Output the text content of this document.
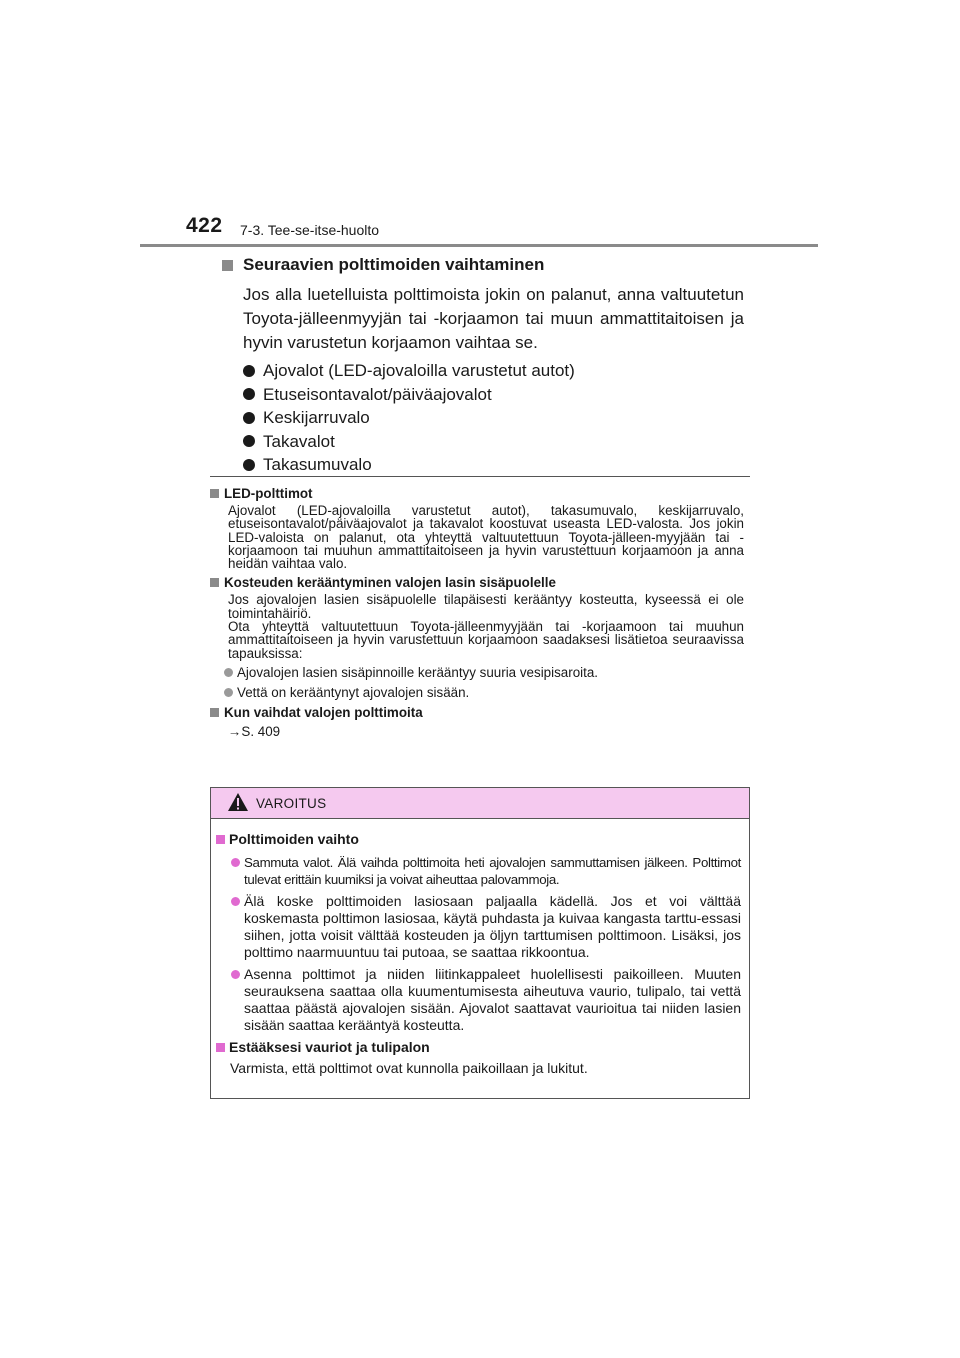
422 7-3. Tee-se-itse-huolto
Seuraavien polttimoiden vaihtaminen

Jos alla luetelluista polttimoista jokin on palanut, anna valtuutetun Toyota-jälleenmyyjän tai -korjaamon tai muun ammattitaitoisen ja hyvin varustetun korjaamon vaihtaa se.

Ajovalot (LED-ajovaloilla varustetut autot)
Etuseisontavalot/päiväajovalot
Keskijarruvalo
Takavalot
Takasumuvalo
LED-polttimot
Ajovalot (LED-ajovaloilla varustetut autot), takasumuvalo, keskijarruvalo, etuseisontavalot/päiväajovalot ja takavalot koostuvat useasta LED-valosta. Jos jokin LED-valoista on palanut, ota yhteyttä valtuutettuun Toyota-jälleen-myyjään tai -korjaamoon tai muuhun ammattitaitoiseen ja hyvin varustettuun korjaamoon ja anna heidän vaihtaa valo.
Kosteuden kerääntyminen valojen lasin sisäpuolelle
Jos ajovalojen lasien sisäpuolelle tilapäisesti kerääntyy kosteutta, kyseessä ei ole toimintahäiriö.
Ota yhteyttä valtuutettuun Toyota-jälleenmyyjään tai -korjaamoon tai muuhun ammattitaitoiseen ja hyvin varustettuun korjaamoon saadaksesi lisätietoa seuraavissa tapauksissa:
Ajovalojen lasien sisäpinnoille kerääntyy suuria vesipisaroita.
Vettä on kerääntynyt ajovalojen sisään.
Kun vaihdat valojen polttimoita
→S. 409
VAROITUS
Polttimoiden vaihto
Sammuta valot. Älä vaihda polttimoita heti ajovalojen sammuttamisen jälkeen. Polttimot tulevat erittäin kuumiksi ja voivat aiheuttaa palovammoja.
Älä koske polttimoiden lasiosaan paljaalla kädellä. Jos et voi välttää koskemasta polttimon lasiosaa, käytä puhdasta ja kuivaa kangasta tarttu-essasi siihen, jotta voisit välttää kosteuden ja öljyn tarttumisen polttimoon. Lisäksi, jos polttimo naarmuuntuu tai putoaa, se saattaa rikkoontua.
Asenna polttimot ja niiden liitinkappaleet huolellisesti paikoilleen. Muuten seurauksena saattaa olla kuumentumisesta aiheutuva vaurio, tulipalo, tai vettä saattaa päästä ajovalojen sisään. Ajovalot saattavat vaurioitua tai niiden lasien sisään saattaa kerääntyä kosteutta.
Estääksesi vauriot ja tulipalon
Varmista, että polttimot ovat kunnolla paikoillaan ja lukitut.
